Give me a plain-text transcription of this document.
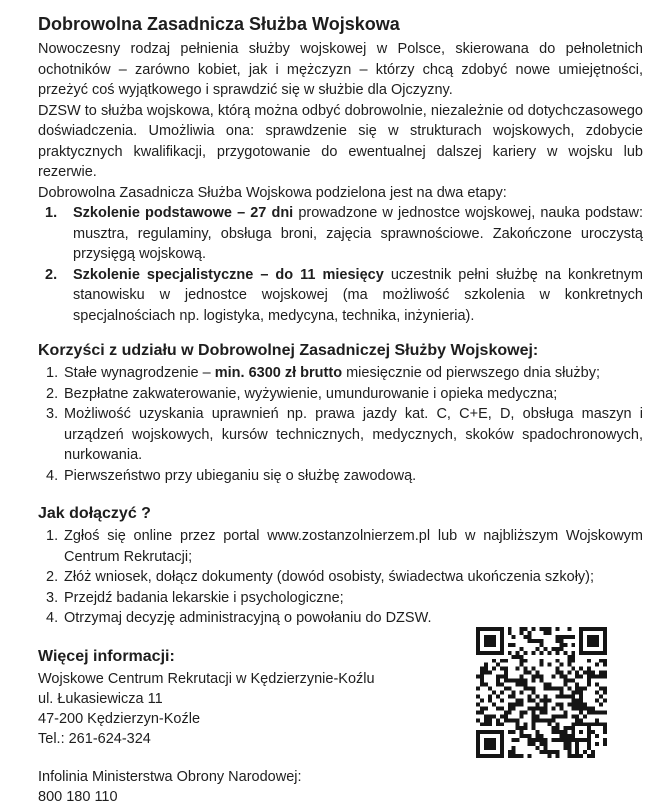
Dobrowolna Zasadnicza Służba Wojskowa

Nowoczesny rodzaj pełnienia służby wojskowej w Polsce, skierowana do pełnoletnich ochotników – zarówno kobiet, jak i mężczyzn – którzy chcą zdobyć nowe umiejętności, przeżyć coś wyjątkowego i sprawdzić się w służbie dla Ojczyzny.

DZSW to służba wojskowa, którą można odbyć dobrowolnie, niezależnie od dotychczasowego doświadczenia. Umożliwia ona: sprawdzenie się w strukturach wojskowych, zdobycie praktycznych kwalifikacji, przygotowanie do ewentualnej dalszej kariery w wojsku lub rezerwie.

Dobrowolna Zasadnicza Służba Wojskowa podzielona jest na dwa etapy:

1.	Szkolenie podstawowe – 27 dni prowadzone w jednostce wojskowej, nauka podstaw: musztra, regulaminy, obsługa broni, zajęcia sprawnościowe. Zakończone uroczystą przysięgą wojskową.
2.	Szkolenie specjalistyczne – do 11 miesięcy uczestnik pełni służbę na konkretnym stanowisku w jednostce wojskowej (ma możliwość szkolenia w konkretnych specjalnościach np. logistyka, medycyna, technika, inżynieria).
Korzyści z udziału w Dobrowolnej Zasadniczej Służby Wojskowej:
1. Stałe wynagrodzenie – min. 6300 zł brutto miesięcznie od pierwszego dnia służby;
2. Bezpłatne zakwaterowanie, wyżywienie, umundurowanie i opieka medyczna;
3. Możliwość uzyskania uprawnień np. prawa jazdy kat. C, C+E, D, obsługa maszyn i urządzeń wojskowych, kursów technicznych, medycznych, skoków spadochronowych, nurkowania.
4. Pierwszeństwo przy ubieganiu się o służbę zawodową.
Jak dołączyć ?
1. Zgłoś się online przez portal www.zostanzolnierzem.pl lub w najbliższym Wojskowym Centrum Rekrutacji;
2. Złóż wniosek, dołącz dokumenty (dowód osobisty, świadectwa ukończenia szkoły);
3. Przejdź badania lekarskie i psychologiczne;
4. Otrzymaj decyzję administracyjną o powołaniu do DZSW.
Więcej informacji:
Wojskowe Centrum Rekrutacji w Kędzierzynie-Koźlu
ul. Łukasiewicza 11
47-200 Kędzierzyn-Koźle
Tel.: 261-624-324
Infolinia Ministerstwa Obrony Narodowej:
800 180 110
